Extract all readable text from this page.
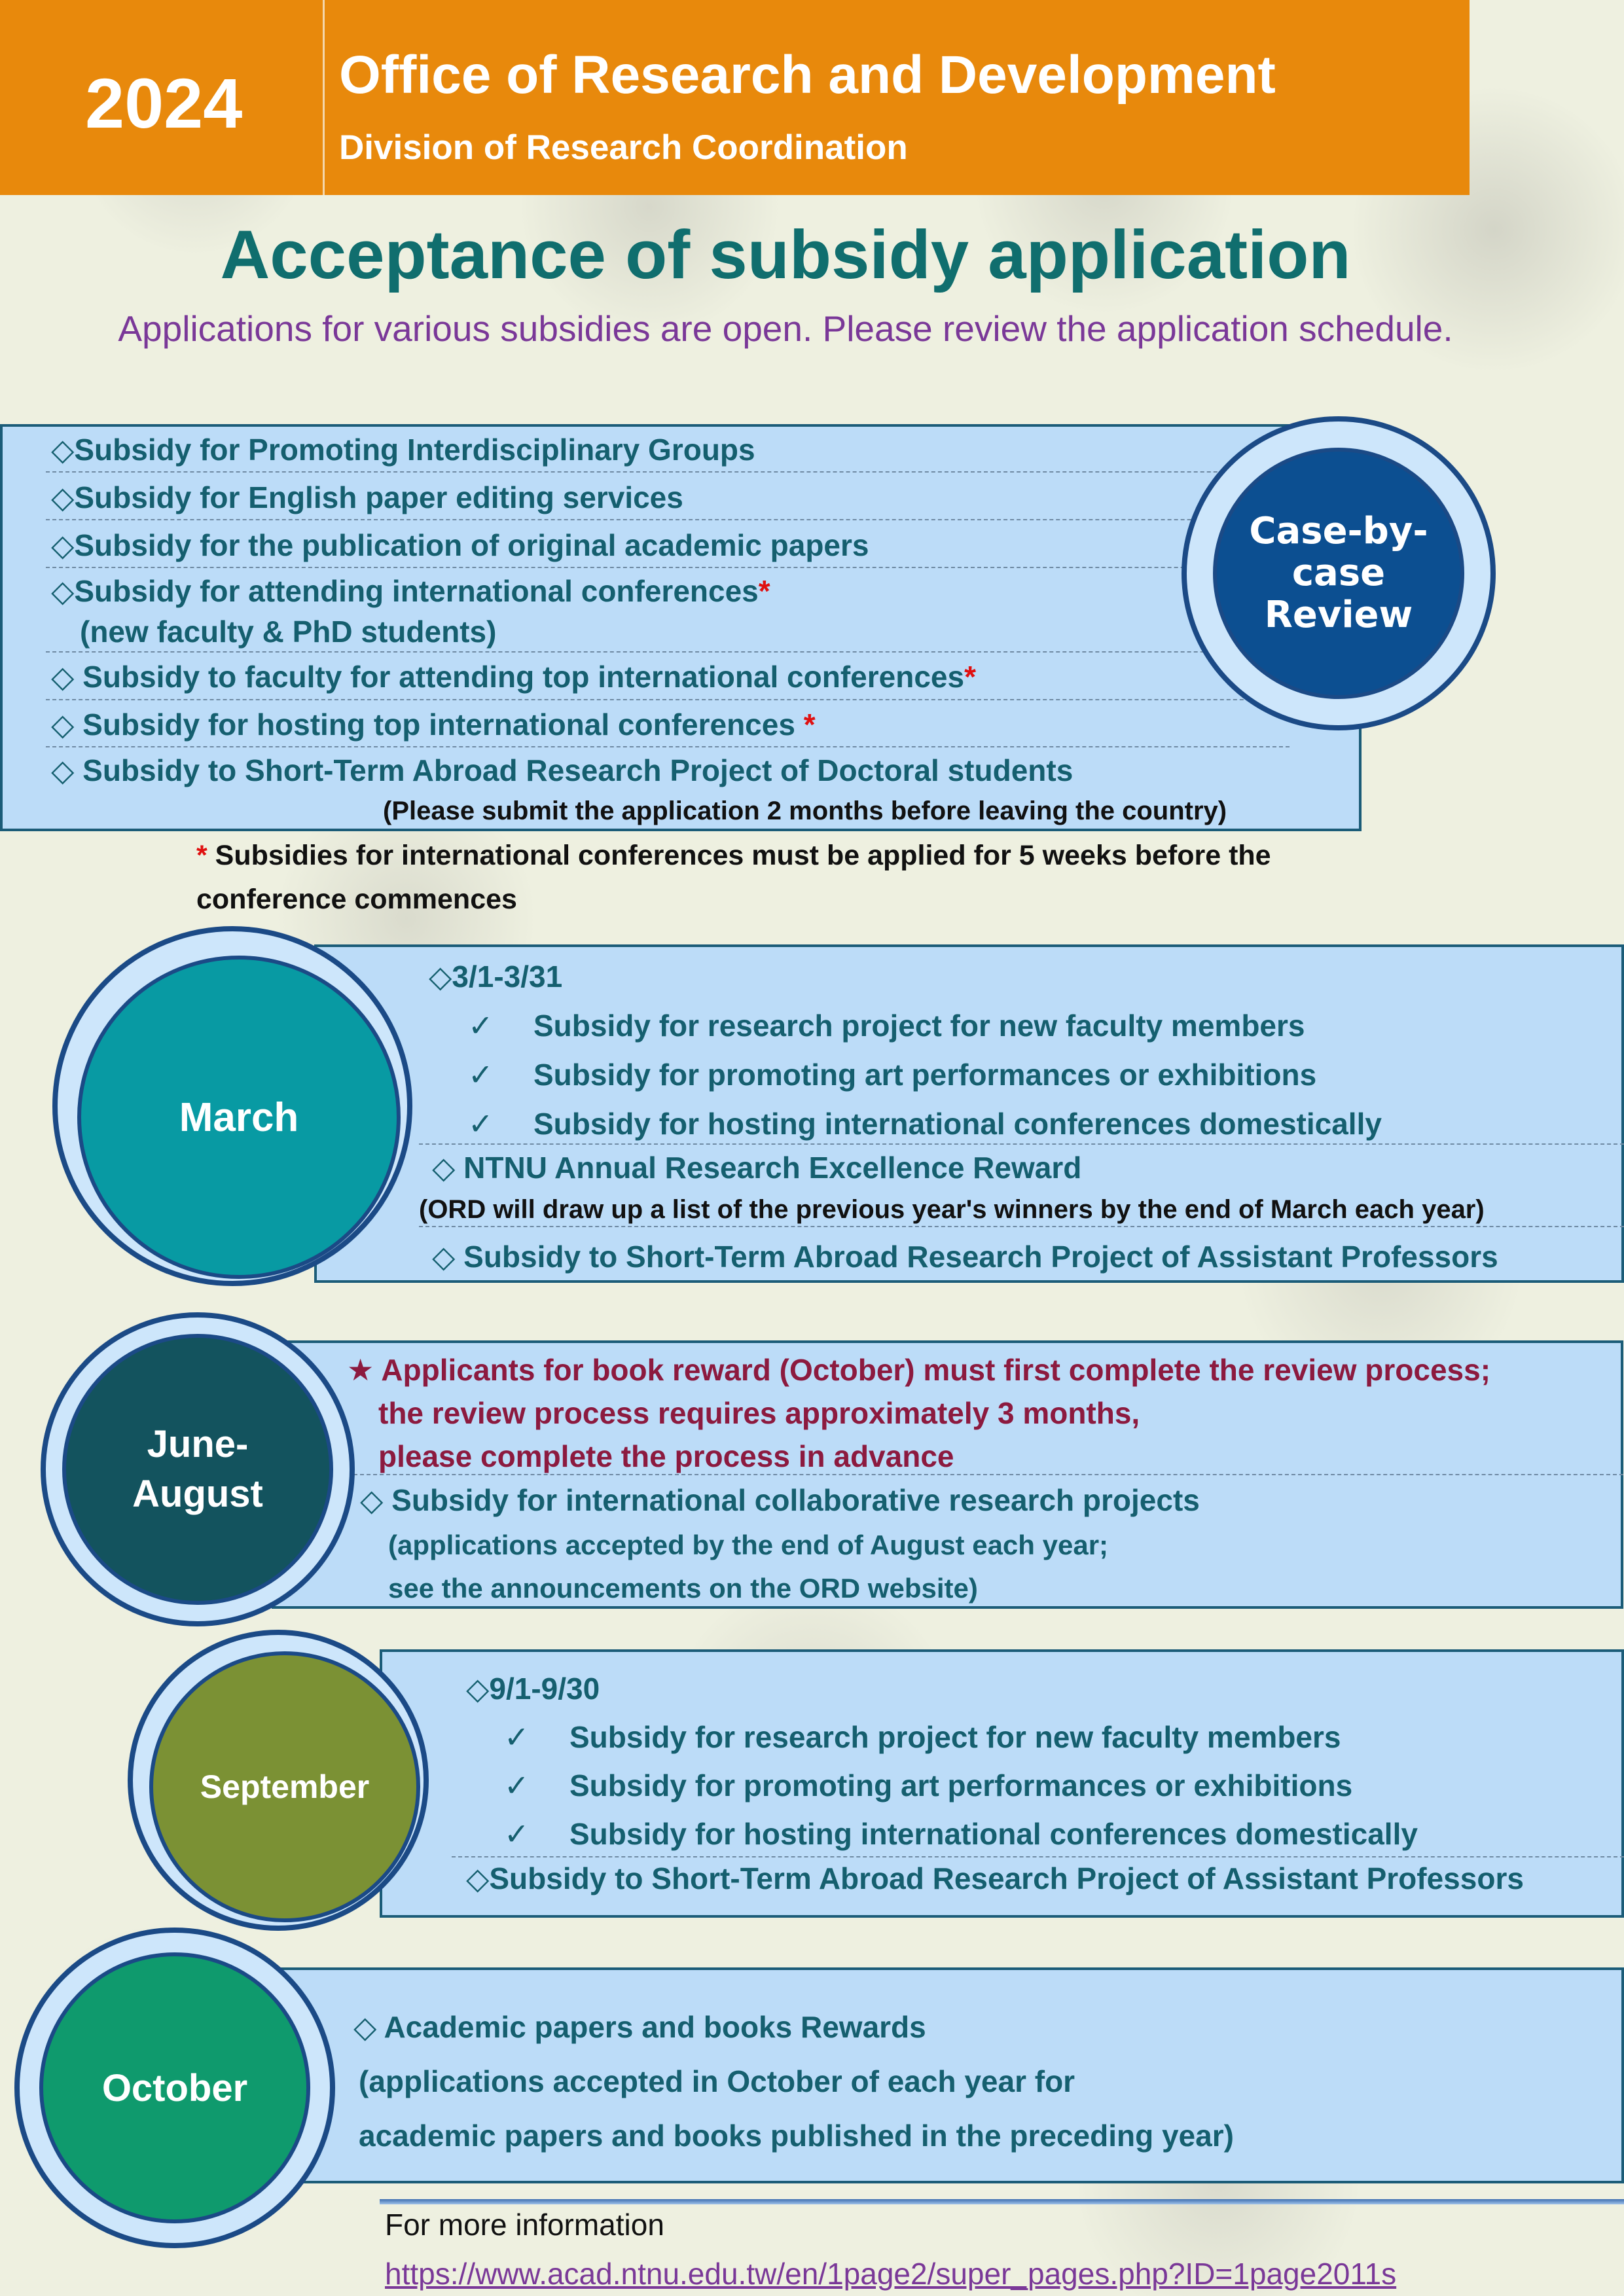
2024 Office of Research and Development
Division of Research Coordination
Acceptance of subsidy application
Applications for various subsidies are open. Please review the application schedule.
◇Subsidy for Promoting Interdisciplinary Groups
◇Subsidy for English paper editing services
◇Subsidy for the publication of original academic papers
◇Subsidy for attending international conferences*
(new faculty & PhD students)
◇ Subsidy to faculty for attending top international conferences*
◇ Subsidy for hosting top international conferences *
◇ Subsidy to Short-Term Abroad Research Project of Doctoral students
(Please submit the application 2 months before leaving the country)
Case-by-
case Review
* Subsidies for international conferences must be applied for 5 weeks before the
conference commences
◇3/1-3/31
✓ Subsidy for research project for new faculty members
✓ Subsidy for promoting art performances or exhibitions
✓ Subsidy for hosting international conferences domestically
◇ NTNU Annual Research Excellence Reward
(ORD will draw up a list of the previous year's winners by the end of March each year)
◇ Subsidy to Short-Term Abroad Research Project of Assistant Professors
March
★ Applicants for book reward (October) must first complete the review process;
the review process requires approximately 3 months,
please complete the process in advance
◇ Subsidy for international collaborative research projects
(applications accepted by the end of August each year;
see the announcements on the ORD website)
June-
August
◇9/1-9/30
✓ Subsidy for research project for new faculty members
✓ Subsidy for promoting art performances or exhibitions
✓ Subsidy for hosting international conferences domestically
◇Subsidy to Short-Term Abroad Research Project of Assistant Professors
September
◇ Academic papers and books Rewards
(applications accepted in October of each year for
academic papers and books published in the preceding year)
October
For more information
https://www.acad.ntnu.edu.tw/en/1page2/super_pages.php?ID=1page2011s
